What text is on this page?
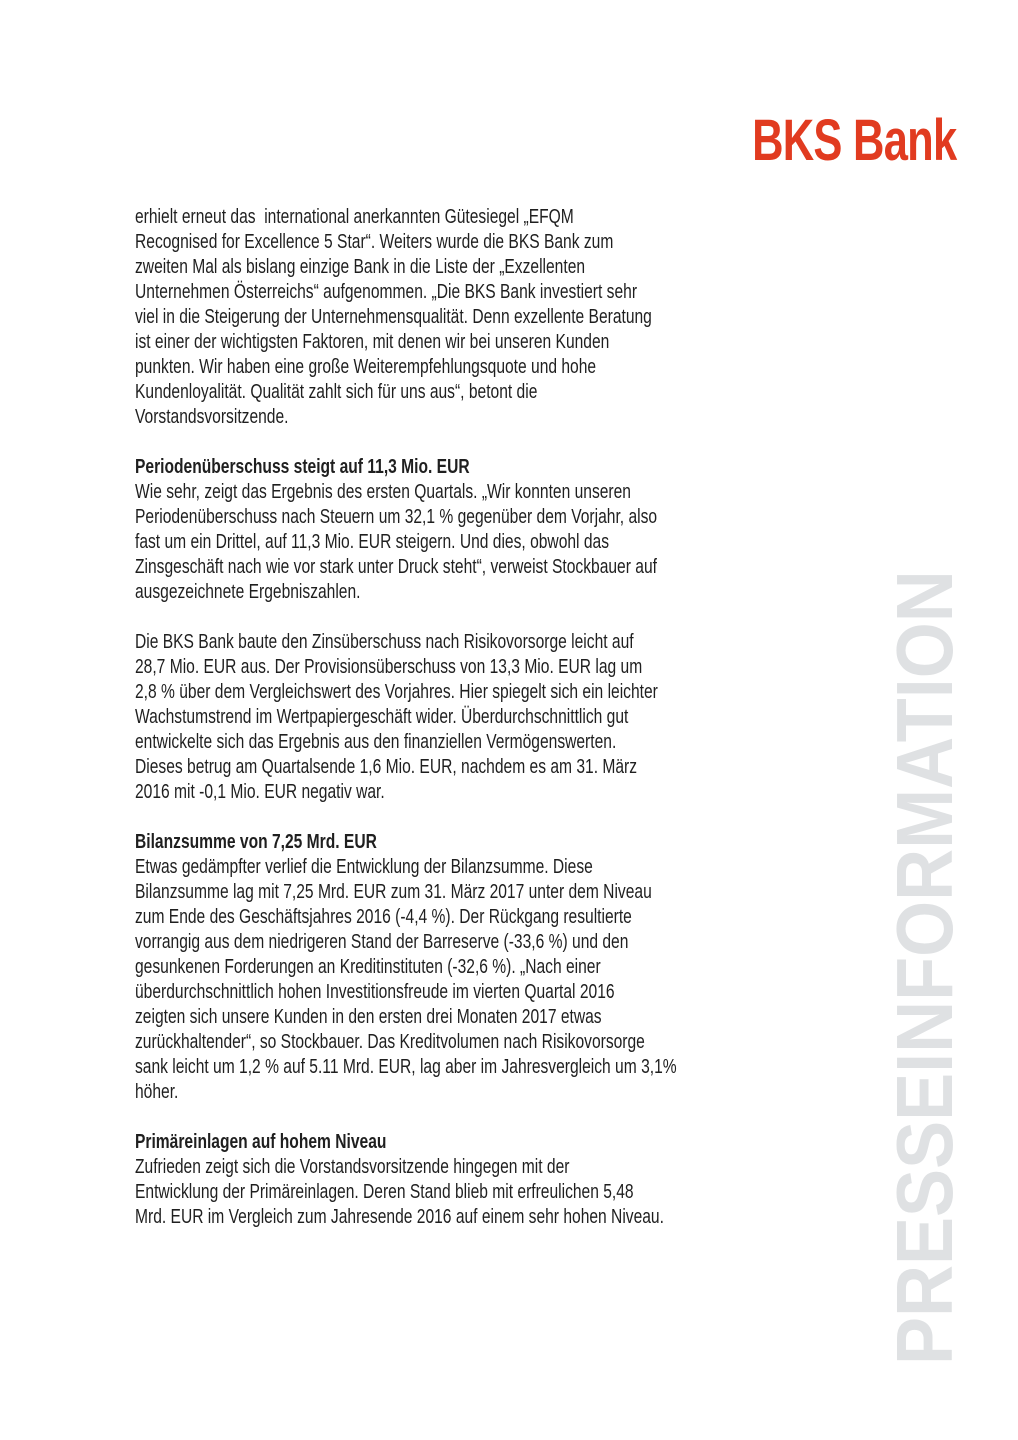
PRESSEINFORMATION
BKS Bank
erhielt erneut das  international anerkannten Gütesiegel „EFQM
Recognised for Excellence 5 Star“. Weiters wurde die BKS Bank zum
zweiten Mal als bislang einzige Bank in die Liste der „Exzellenten
Unternehmen Österreichs“ aufgenommen. „Die BKS Bank investiert sehr
viel in die Steigerung der Unternehmensqualität. Denn exzellente Beratung
ist einer der wichtigsten Faktoren, mit denen wir bei unseren Kunden
punkten. Wir haben eine große Weiterempfehlungsquote und hohe
Kundenloyalität. Qualität zahlt sich für uns aus“, betont die
Vorstandsvorsitzende.
Periodenüberschuss steigt auf 11,3 Mio. EUR
Wie sehr, zeigt das Ergebnis des ersten Quartals. „Wir konnten unseren
Periodenüberschuss nach Steuern um 32,1 % gegenüber dem Vorjahr, also
fast um ein Drittel, auf 11,3 Mio. EUR steigern. Und dies, obwohl das
Zinsgeschäft nach wie vor stark unter Druck steht“, verweist Stockbauer auf
ausgezeichnete Ergebniszahlen.
Die BKS Bank baute den Zinsüberschuss nach Risikovorsorge leicht auf
28,7 Mio. EUR aus. Der Provisionsüberschuss von 13,3 Mio. EUR lag um
2,8 % über dem Vergleichswert des Vorjahres. Hier spiegelt sich ein leichter
Wachstumstrend im Wertpapiergeschäft wider. Überdurchschnittlich gut
entwickelte sich das Ergebnis aus den finanziellen Vermögenswerten.
Dieses betrug am Quartalsende 1,6 Mio. EUR, nachdem es am 31. März
2016 mit -0,1 Mio. EUR negativ war.
Bilanzsumme von 7,25 Mrd. EUR
Etwas gedämpfter verlief die Entwicklung der Bilanzsumme. Diese
Bilanzsumme lag mit 7,25 Mrd. EUR zum 31. März 2017 unter dem Niveau
zum Ende des Geschäftsjahres 2016 (-4,4 %). Der Rückgang resultierte
vorrangig aus dem niedrigeren Stand der Barreserve (-33,6 %) und den
gesunkenen Forderungen an Kreditinstituten (-32,6 %). „Nach einer
überdurchschnittlich hohen Investitionsfreude im vierten Quartal 2016
zeigten sich unsere Kunden in den ersten drei Monaten 2017 etwas
zurückhaltender“, so Stockbauer. Das Kreditvolumen nach Risikovorsorge
sank leicht um 1,2 % auf 5.11 Mrd. EUR, lag aber im Jahresvergleich um 3,1%
höher.
Primäreinlagen auf hohem Niveau
Zufrieden zeigt sich die Vorstandsvorsitzende hingegen mit der
Entwicklung der Primäreinlagen. Deren Stand blieb mit erfreulichen 5,48
Mrd. EUR im Vergleich zum Jahresende 2016 auf einem sehr hohen Niveau.
